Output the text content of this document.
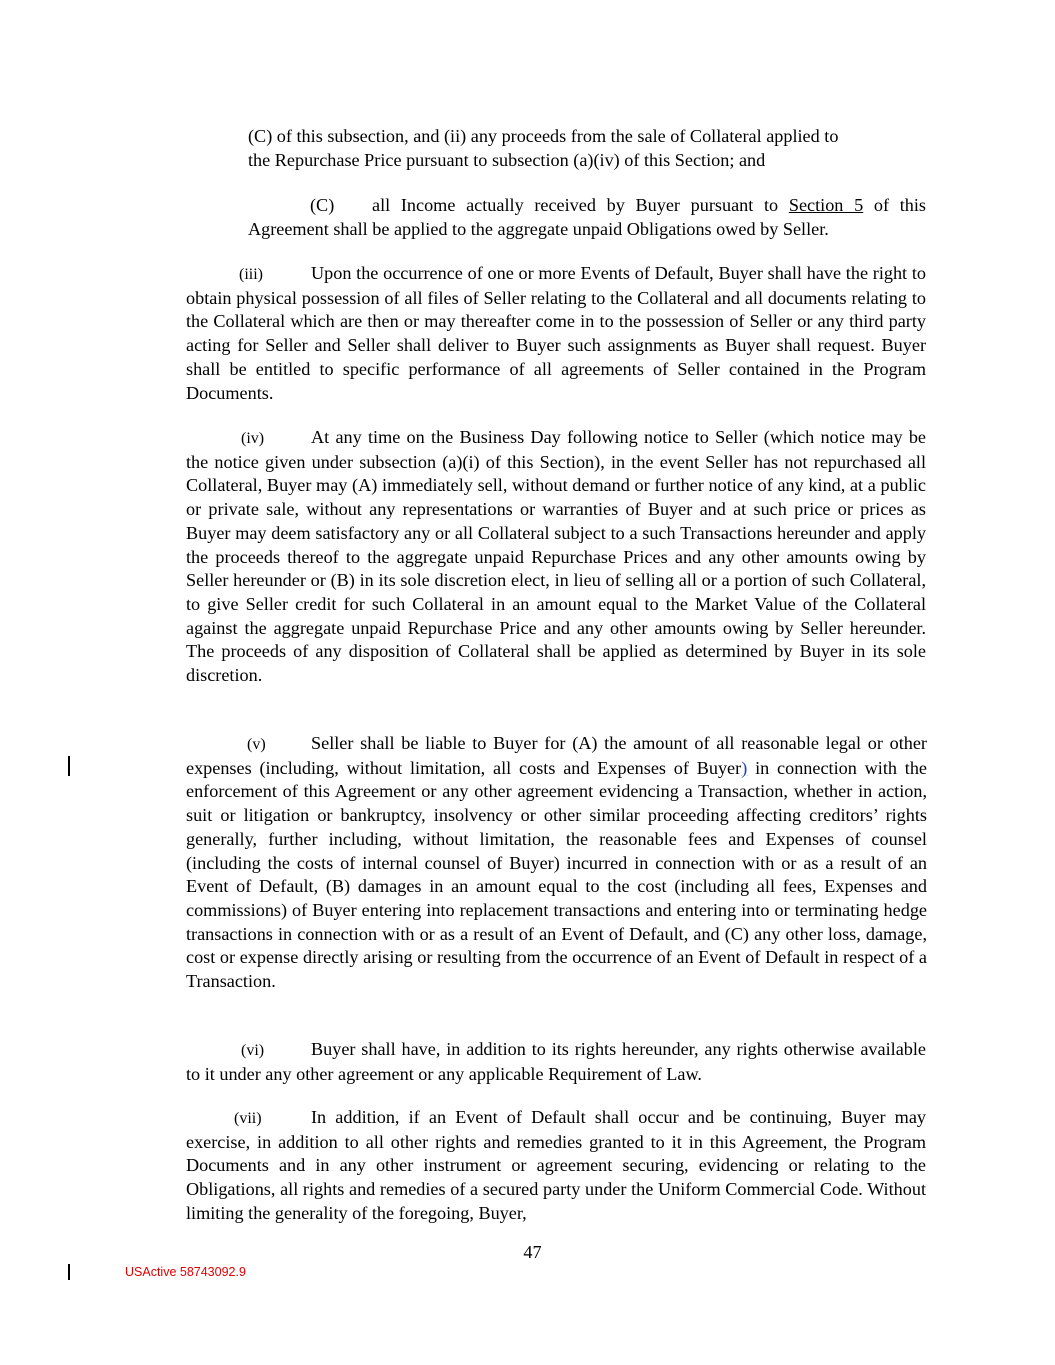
(C) of this subsection, and (ii) any proceeds from the sale of Collateral applied to
the Repurchase Price pursuant to subsection (a)(iv) of this Section; and
(C) all Income actually received by Buyer pursuant to Section 5 of this Agreement shall be applied to the aggregate unpaid Obligations owed by Seller.
(iii)	Upon the occurrence of one or more Events of Default, Buyer shall have the right to obtain physical possession of all files of Seller relating to the Collateral and all documents relating to the Collateral which are then or may thereafter come in to the possession of Seller or any third party acting for Seller and Seller shall deliver to Buyer such assignments as Buyer shall request. Buyer shall be entitled to specific performance of all agreements of Seller contained in the Program Documents.
(iv)	At any time on the Business Day following notice to Seller (which notice may be the notice given under subsection (a)(i) of this Section), in the event Seller has not repurchased all Collateral, Buyer may (A) immediately sell, without demand or further notice of any kind, at a public or private sale, without any representations or warranties of Buyer and at such price or prices as Buyer may deem satisfactory any or all Collateral subject to a such Transactions hereunder and apply the proceeds thereof to the aggregate unpaid Repurchase Prices and any other amounts owing by Seller hereunder or (B) in its sole discretion elect, in lieu of selling all or a portion of such Collateral, to give Seller credit for such Collateral in an amount equal to the Market Value of the Collateral against the aggregate unpaid Repurchase Price and any other amounts owing by Seller hereunder. The proceeds of any disposition of Collateral shall be applied as determined by Buyer in its sole discretion.
(v) Seller shall be liable to Buyer for (A) the amount of all reasonable legal or other expenses (including, without limitation, all costs and Expenses of Buyer) in connection with the enforcement of this Agreement or any other agreement evidencing a Transaction, whether in action, suit or litigation or bankruptcy, insolvency or other similar proceeding affecting creditors’ rights generally, further including, without limitation, the reasonable fees and Expenses of counsel (including the costs of internal counsel of Buyer) incurred in connection with or as a result of an Event of Default, (B) damages in an amount equal to the cost (including all fees, Expenses and commissions) of Buyer entering into replacement transactions and entering into or terminating hedge transactions in connection with or as a result of an Event of Default, and (C) any other loss, damage, cost or expense directly arising or resulting from the occurrence of an Event of Default in respect of a Transaction.
(vi)	Buyer shall have, in addition to its rights hereunder, any rights otherwise available to it under any other agreement or any applicable Requirement of Law.
(vii)	In addition, if an Event of Default shall occur and be continuing, Buyer may exercise, in addition to all other rights and remedies granted to it in this Agreement, the Program Documents and in any other instrument or agreement securing, evidencing or relating to the Obligations, all rights and remedies of a secured party under the Uniform Commercial Code. Without limiting the generality of the foregoing, Buyer,
47
USActive 58743092.9
